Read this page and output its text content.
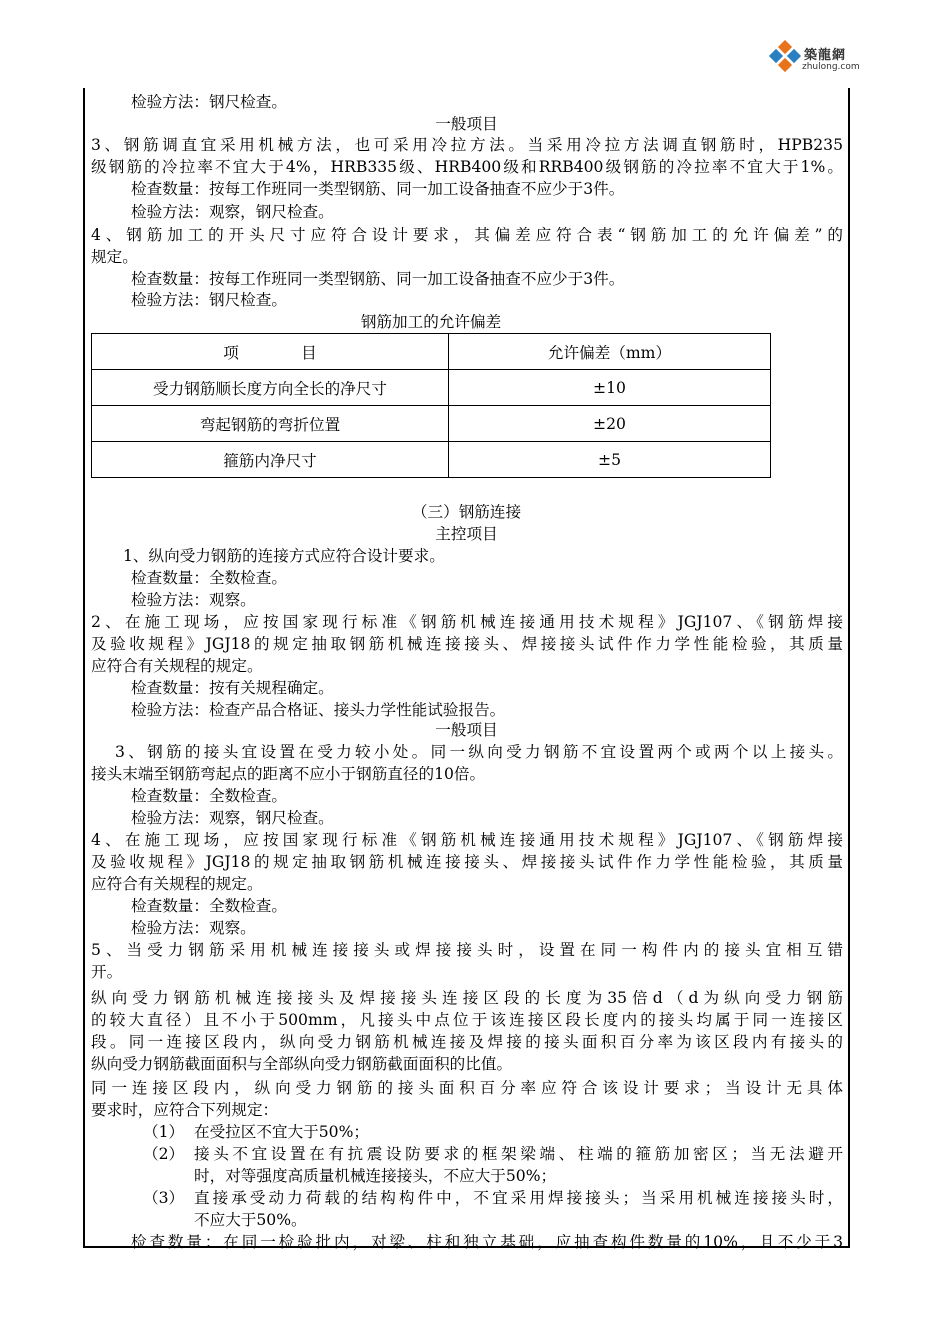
築龍網
zhulong.com
检验方法：钢尺检查。
一般项目
3、钢筋调直宜采用机械方法，也可采用冷拉方法。当采用冷拉方法调直钢筋时，HPB235
级钢筋的冷拉率不宜大于4%，HRB335级、HRB400级和RRB400级钢筋的冷拉率不宜大于1%。
检查数量：按每工作班同一类型钢筋、同一加工设备抽查不应少于3件。
检验方法：观察，钢尺检查。
4、钢筋加工的开头尺寸应符合设计要求，其偏差应符合表“钢筋加工的允许偏差”的
规定。
检查数量：按每工作班同一类型钢筋、同一加工设备抽查不应少于3件。
检验方法：钢尺检查。
钢筋加工的允许偏差
项　　　　目	允许偏差（mm）
受力钢筋顺长度方向全长的净尺寸	±10
弯起钢筋的弯折位置	±20
箍筋内净尺寸	±5
（三）钢筋连接
主控项目
1、纵向受力钢筋的连接方式应符合设计要求。
检查数量：全数检查。
检验方法：观察。
2、在施工现场，应按国家现行标准《钢筋机械连接通用技术规程》JGJ107、《钢筋焊接
及验收规程》JGJ18的规定抽取钢筋机械连接接头、焊接接头试件作力学性能检验，其质量
应符合有关规程的规定。
检查数量：按有关规程确定。
检验方法：检查产品合格证、接头力学性能试验报告。
一般项目
3、钢筋的接头宜设置在受力较小处。同一纵向受力钢筋不宜设置两个或两个以上接头。
接头末端至钢筋弯起点的距离不应小于钢筋直径的10倍。
检查数量：全数检查。
检验方法：观察，钢尺检查。
4、在施工现场，应按国家现行标准《钢筋机械连接通用技术规程》JGJ107、《钢筋焊接
及验收规程》JGJ18的规定抽取钢筋机械连接接头、焊接接头试件作力学性能检验，其质量
应符合有关规程的规定。
检查数量：全数检查。
检验方法：观察。
5、当受力钢筋采用机械连接接头或焊接接头时，设置在同一构件内的接头宜相互错
开。
纵向受力钢筋机械连接接头及焊接接头连接区段的长度为35倍d（d为纵向受力钢筋
的较大直径）且不小于500mm，凡接头中点位于该连接区段长度内的接头均属于同一连接区
段。同一连接区段内，纵向受力钢筋机械连接及焊接的接头面积百分率为该区段内有接头的
纵向受力钢筋截面面积与全部纵向受力钢筋截面面积的比值。
同一连接区段内，纵向受力钢筋的接头面积百分率应符合该设计要求；当设计无具体
要求时，应符合下列规定：
（1） 在受拉区不宜大于50%；
（2） 接头不宜设置在有抗震设防要求的框架梁端、柱端的箍筋加密区；当无法避开
时，对等强度高质量机械连接接头，不应大于50%；
（3） 直接承受动力荷载的结构构件中，不宜采用焊接接头；当采用机械连接接头时，
不应大于50%。
检查数量：在同一检验批内，对梁、柱和独立基础，应抽查构件数量的10%，且不少于3
